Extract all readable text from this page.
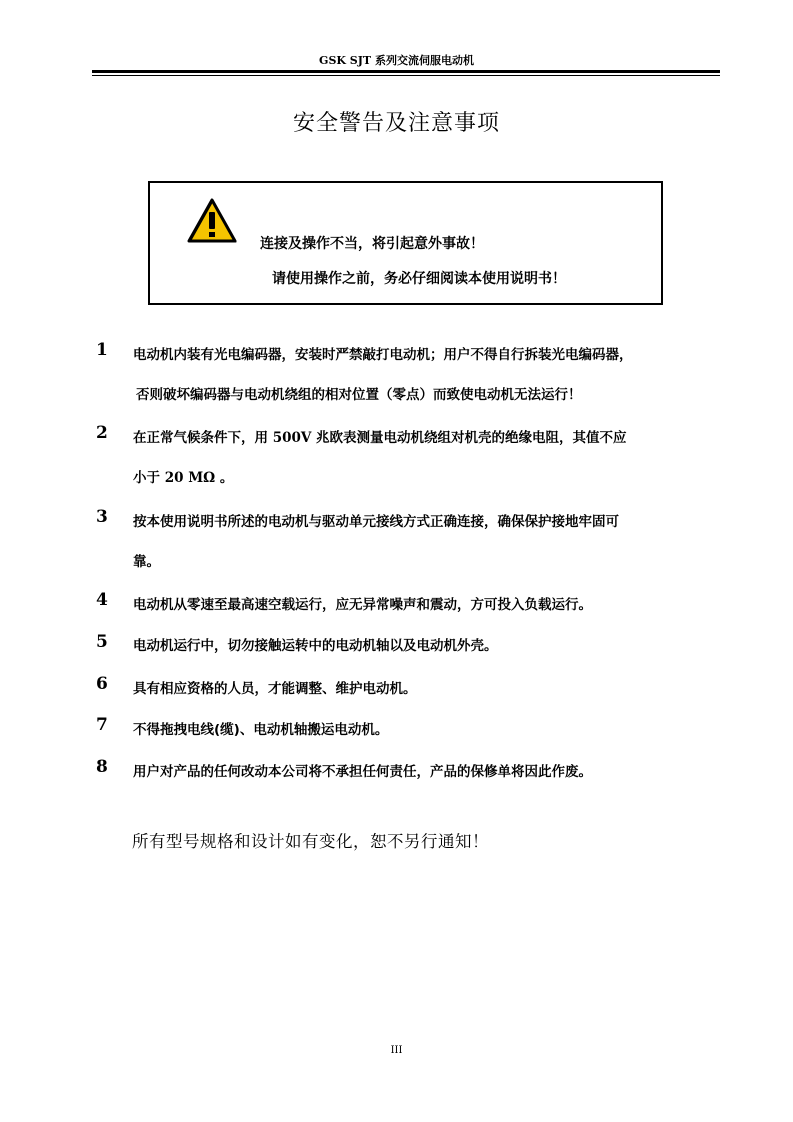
GSK SJT 系列交流伺服电动机
安全警告及注意事项
连接及操作不当，将引起意外事故！
请使用操作之前，务必仔细阅读本使用说明书！
1	电动机内装有光电编码器，安装时严禁敲打电动机；用户不得自行拆装光电编码器，
否则破坏编码器与电动机绕组的相对位置（零点）而致使电动机无法运行！
2	在正常气候条件下，用 500V 兆欧表测量电动机绕组对机壳的绝缘电阻，其值不应
小于 20 MΩ 。
3	按本使用说明书所述的电动机与驱动单元接线方式正确连接，确保保护接地牢固可
靠。
4	电动机从零速至最高速空载运行，应无异常噪声和震动，方可投入负载运行。
5	电动机运行中，切勿接触运转中的电动机轴以及电动机外壳。
6	具有相应资格的人员，才能调整、维护电动机。
7	不得拖拽电线(缆)、电动机轴搬运电动机。
8	用户对产品的任何改动本公司将不承担任何责任，产品的保修单将因此作废。
所有型号规格和设计如有变化，恕不另行通知！
III
